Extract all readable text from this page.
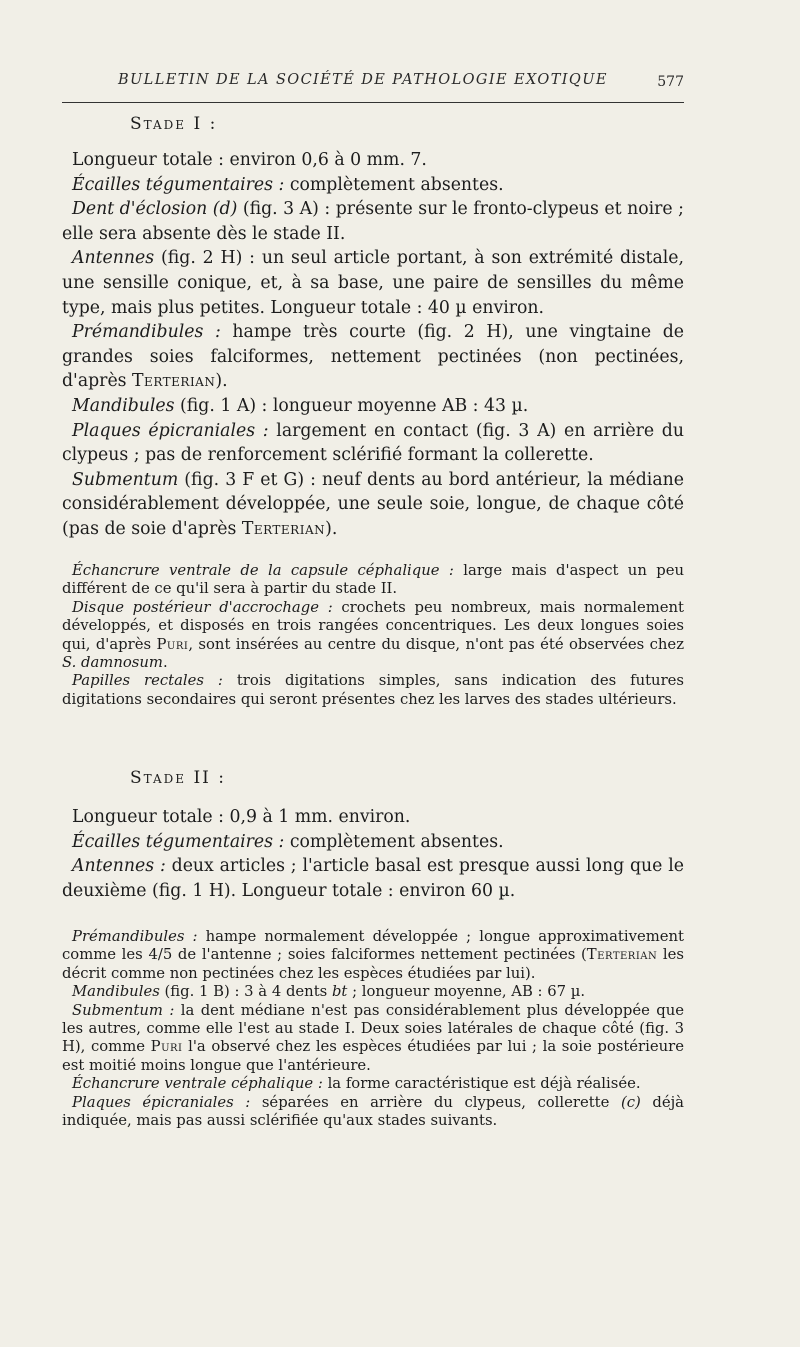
BULLETIN DE LA SOCIÉTÉ DE PATHOLOGIE EXOTIQUE	577
Stade I :

Longueur totale : environ 0,6 à 0 mm. 7.

Écailles tégumentaires : complètement absentes.

Dent d'éclosion (d) (fig. 3 A) : présente sur le fronto-clypeus et noire ; elle sera absente dès le stade II.

Antennes (fig. 2 H) : un seul article portant, à son extrémité distale, une sensille conique, et, à sa base, une paire de sensilles du même type, mais plus petites. Longueur totale : 40 µ environ.

Prémandibules : hampe très courte (fig. 2 H), une vingtaine de grandes soies falciformes, nettement pectinées (non pectinées, d'après Terterian).

Mandibules (fig. 1 A) : longueur moyenne AB : 43 µ.

Plaques épicraniales : largement en contact (fig. 3 A) en arrière du clypeus ; pas de renforcement sclérifié formant la collerette.

Submentum (fig. 3 F et G) : neuf dents au bord antérieur, la médiane considérablement développée, une seule soie, longue, de chaque côté (pas de soie d'après Terterian).

Échancrure ventrale de la capsule céphalique : large mais d'aspect un peu différent de ce qu'il sera à partir du stade II.

Disque postérieur d'accrochage : crochets peu nombreux, mais normalement développés, et disposés en trois rangées concentriques. Les deux longues soies qui, d'après Puri, sont insérées au centre du disque, n'ont pas été observées chez S. damnosum.

Papilles rectales : trois digitations simples, sans indication des futures digitations secondaires qui seront présentes chez les larves des stades ultérieurs.

Stade II :

Longueur totale : 0,9 à 1 mm. environ.

Écailles tégumentaires : complètement absentes.

Antennes : deux articles ; l'article basal est presque aussi long que le deuxième (fig. 1 H). Longueur totale : environ 60 µ.

Prémandibules : hampe normalement développée ; longue approximativement comme les 4/5 de l'antenne ; soies falciformes nettement pectinées (Terterian les décrit comme non pectinées chez les espèces étudiées par lui).

Mandibules (fig. 1 B) : 3 à 4 dents bt ; longueur moyenne, AB : 67 µ.

Submentum : la dent médiane n'est pas considérablement plus développée que les autres, comme elle l'est au stade I. Deux soies latérales de chaque côté (fig. 3 H), comme Puri l'a observé chez les espèces étudiées par lui ; la soie postérieure est moitié moins longue que l'antérieure.

Échancrure ventrale céphalique : la forme caractéristique est déjà réalisée.

Plaques épicraniales : séparées en arrière du clypeus, collerette (c) déjà indiquée, mais pas aussi sclérifiée qu'aux stades suivants.
